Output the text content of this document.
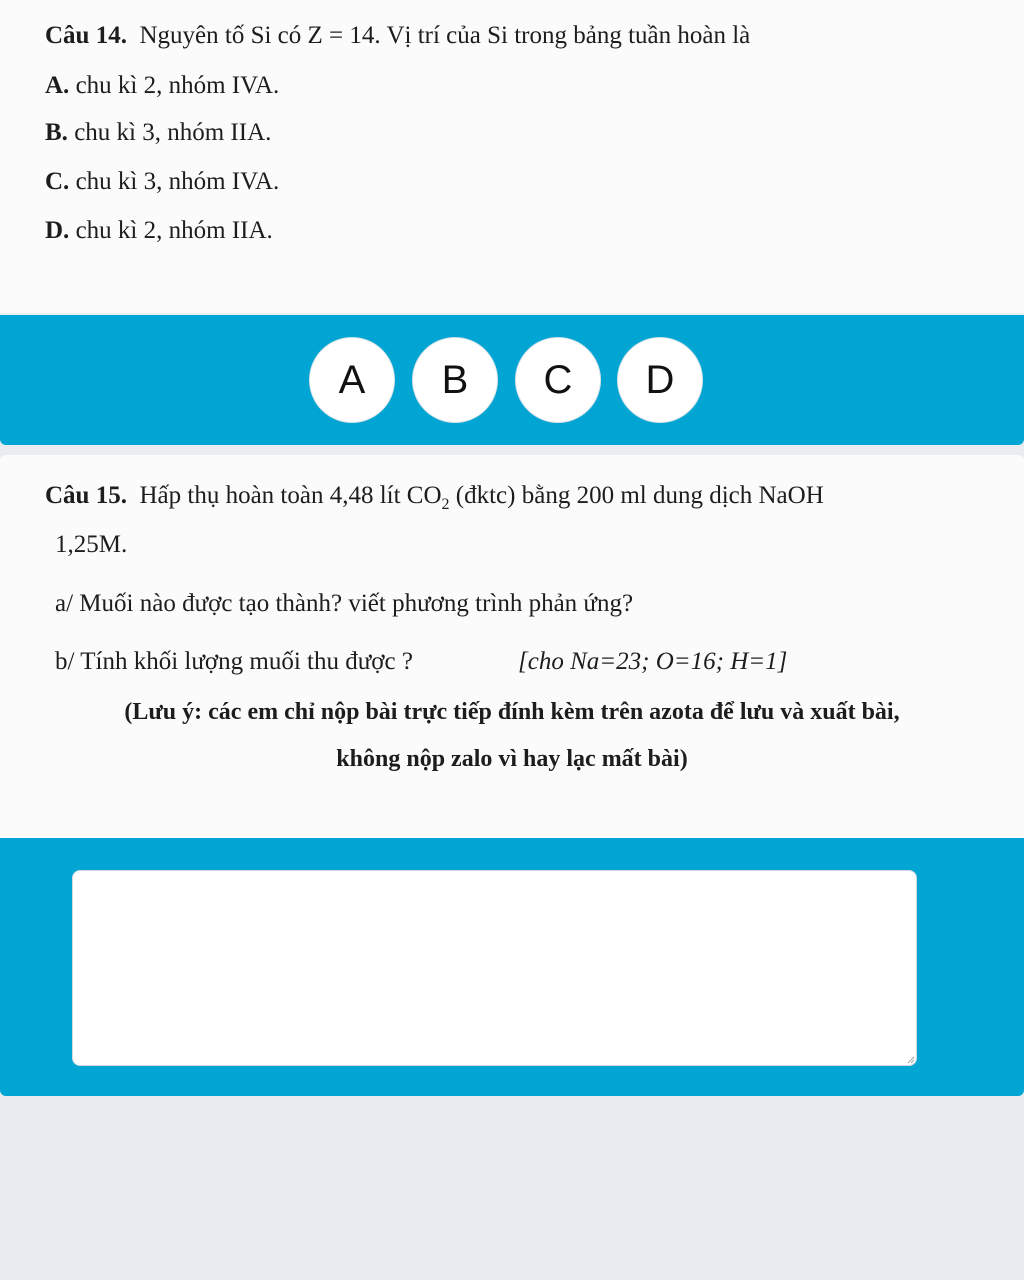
Câu 14. Nguyên tố Si có Z = 14. Vị trí của Si trong bảng tuần hoàn là
A. chu kì 2, nhóm IVA.
B. chu kì 3, nhóm IIA.
C. chu kì 3, nhóm IVA.
D. chu kì 2, nhóm IIA.
A	B	C	D
Câu 15. Hấp thụ hoàn toàn 4,48 lít $CO_2$ (đktc) bằng 200 ml dung dịch NaOH
1,25M.
a/ Muối nào được tạo thành? viết phương trình phản ứng?
b/ Tính khối lượng muối thu được ?	[cho Na=23; O=16; H=1]
(Lưu ý: các em chỉ nộp bài trực tiếp đính kèm trên azota để lưu và xuất bài,
không nộp zalo vì hay lạc mất bài)
